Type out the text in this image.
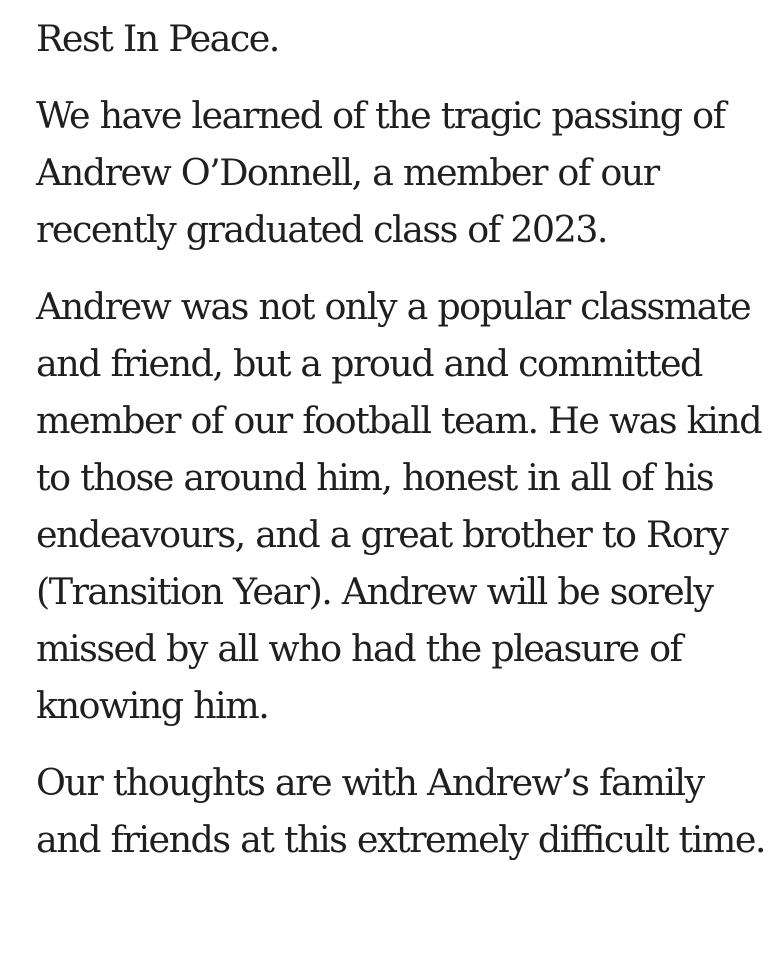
Rest In Peace.

We have learned of the tragic passing of Andrew O’Donnell, a member of our recently graduated class of 2023.

Andrew was not only a popular classmate and friend, but a proud and committed member of our football team. He was kind to those around him, honest in all of his endeavours, and a great brother to Rory (Transition Year). Andrew will be sorely missed by all who had the pleasure of knowing him.

Our thoughts are with Andrew’s family and friends at this extremely difficult time.
